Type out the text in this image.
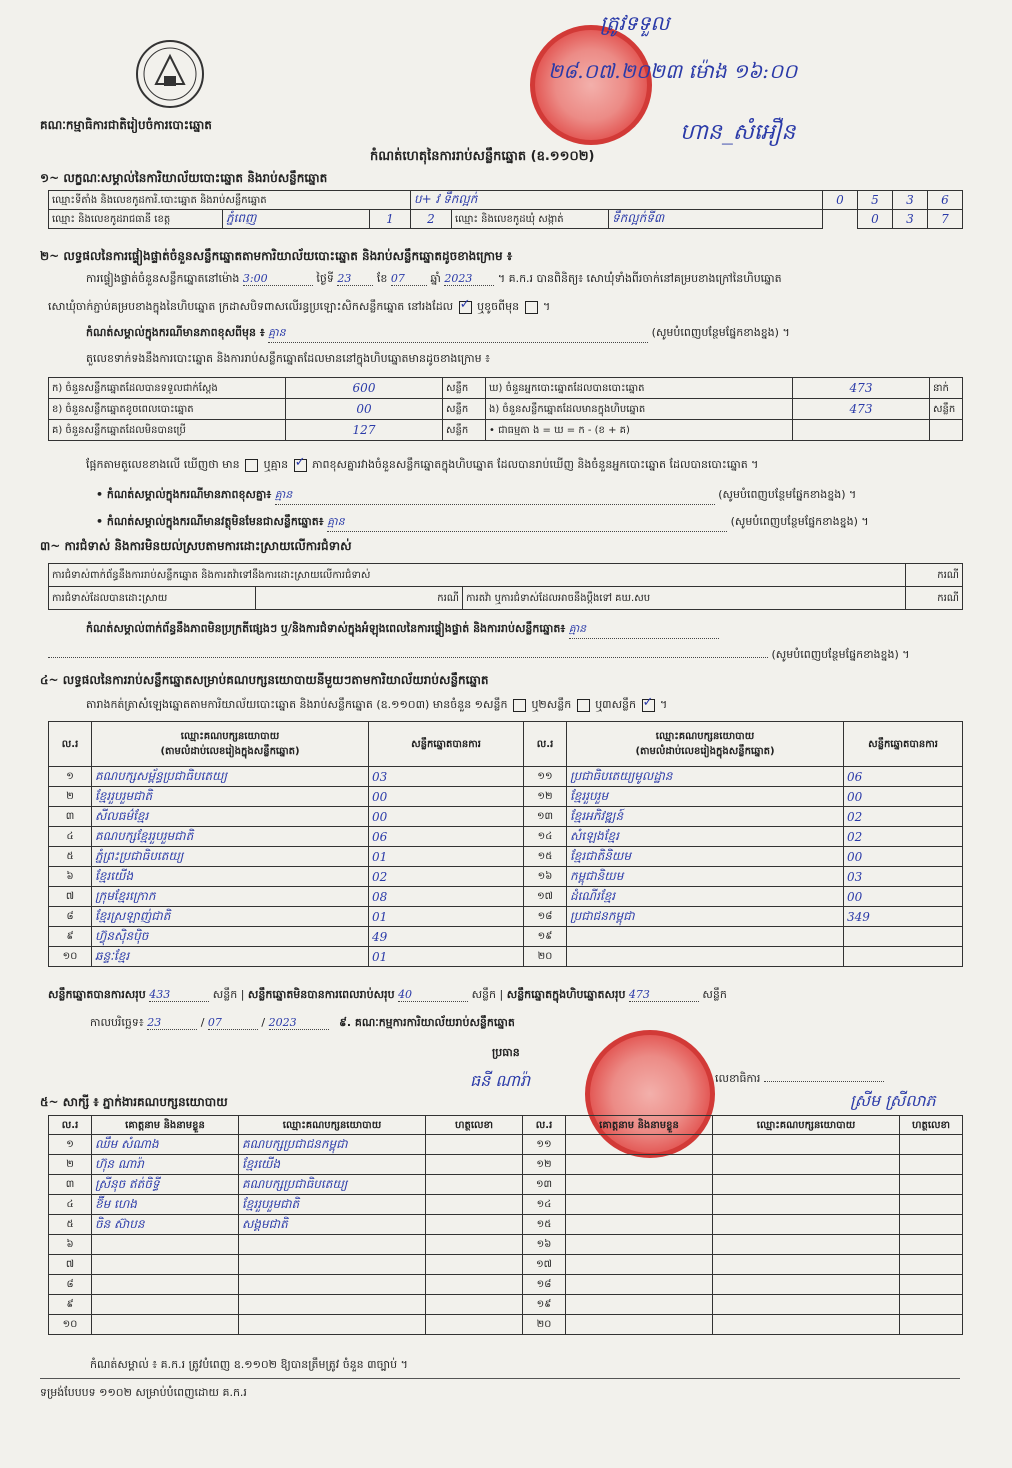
គណៈកម្មាធិការជាតិរៀបចំការបោះឆ្នោត
ត្រូវទទួល
២៨.០៧.២០២៣ ម៉ោង ១៦:០០
ហាន_សំអឿន
កំណត់ហេតុនៃការរាប់សន្លឹកឆ្នោត (ឧ.១១០២)
១~ លក្ខណៈសម្គាល់នៃការិយាល័យបោះឆ្នោត និងរាប់សន្លឹកឆ្នោត
ឈ្មោះទីតាំង និងលេខកូដការិ.បោះឆ្នោត និងរាប់សន្លឹកឆ្នោត			ប+ វ ទឹកល្អក់			0	5	3	6
ឈ្មោះ និងលេខកូដរាជធានី ខេត្ត	ភ្នំពេញ	1	2	ឈ្មោះ និងលេខកូដឃុំ សង្កាត់	ទឹកល្អក់ទី៣		0	3	7
២~ លទ្ធផលនៃការផ្ទៀងផ្ទាត់ចំនួនសន្លឹកឆ្នោតតាមការិយាល័យបោះឆ្នោត និងរាប់សន្លឹកឆ្នោតដូចខាងក្រោម ៖
ការផ្ទៀងផ្ទាត់ចំនួនសន្លឹកឆ្នោតនៅម៉ោង 3:00	ថ្ងៃទី 23 ខែ 07 ឆ្នាំ 2023 ។ គ.ក.រ បានពិនិត្យ៖ សោឃុំទាំងពីរចាក់នៅគម្របខាងក្រៅនៃហិបឆ្នោត
សោឃុំចាក់ភ្ជាប់គម្របខាងក្នុងនៃហិបឆ្នោត ក្រដាសបិទពាសលើរន្ធប្រឡោះសិកសន្លឹកឆ្នោត នៅរងដែល ✓ ឬខូចពីមុន  ។
កំណត់សម្គាល់ក្នុងករណីមានភាពខុសពីមុន ៖ គ្មាន	(សូមបំពេញបន្ថែមផ្នែកខាងខ្នង) ។
តួលេខទាក់ទងនឹងការបោះឆ្នោត និងការរាប់សន្លឹកឆ្នោតដែលមាននៅក្នុងហិបឆ្នោតមានដូចខាងក្រោម ៖
ក) ចំនួនសន្លឹកឆ្នោតដែលបានទទួលជាក់ស្តែង	600	សន្លឹក	ឃ) ចំនួនអ្នកបោះឆ្នោតដែលបានបោះឆ្នោត	473	នាក់
ខ) ចំនួនសន្លឹកឆ្នោតខូចពេលបោះឆ្នោត	00	សន្លឹក	ង) ចំនួនសន្លឹកឆ្នោតដែលមានក្នុងហិបឆ្នោត	473	សន្លឹក
គ) ចំនួនសន្លឹកឆ្នោតដែលមិនបានប្រើ	127	សន្លឹក	• ជាធម្មតា ង = ឃ = ក - (ខ + គ)		
ផ្អែកតាមតួលេខខាងលើ ឃើញថា មាន ឬគ្មាន ✓ ភាពខុសគ្នារវាងចំនួនសន្លឹកឆ្នោតក្នុងហិបឆ្នោត ដែលបានរាប់ឃើញ និងចំនួនអ្នកបោះឆ្នោត ដែលបានបោះឆ្នោត ។
• កំណត់សម្គាល់ក្នុងករណីមានភាពខុសគ្នា៖ គ្មាន	(សូមបំពេញបន្ថែមផ្នែកខាងខ្នង) ។
• កំណត់សម្គាល់ក្នុងករណីមានវត្ថុមិនមែនជាសន្លឹកឆ្នោត៖ គ្មាន	(សូមបំពេញបន្ថែមផ្នែកខាងខ្នង) ។
៣~ ការជំទាស់ និងការមិនយល់ស្របតាមការដោះស្រាយលើការជំទាស់
ការជំទាស់ពាក់ព័ន្ធនឹងការរាប់សន្លឹកឆ្នោត និងការតវ៉ាទៅនឹងការដោះស្រាយលើការជំទាស់			ករណី
ការជំទាស់ដែលបានដោះស្រាយ	ករណី	ការតវ៉ា ឬការជំទាស់ដែលអាចនឹងប្តឹងទៅ គឃ.សប	ករណី
កំណត់សម្គាល់ពាក់ព័ន្ធនឹងភាពមិនប្រក្រតីផ្សេងៗ ឬ/និងការជំទាស់ក្នុងអំឡុងពេលនៃការផ្ទៀងផ្ទាត់ និងការរាប់សន្លឹកឆ្នោត៖ គ្មាន
(សូមបំពេញបន្ថែមផ្នែកខាងខ្នង) ។
៤~ លទ្ធផលនៃការរាប់សន្លឹកឆ្នោតសម្រាប់គណបក្សនយោបាយនីមួយៗតាមការិយាល័យរាប់សន្លឹកឆ្នោត
តារាងកត់ត្រាសំឡេងឆ្នោតតាមការិយាល័យបោះឆ្នោត និងរាប់សន្លឹកឆ្នោត (ឧ.១១០៣) មានចំនួន ១សន្លឹក ឬ២សន្លឹក ឬ៣សន្លឹក ✓ ។
ល.រ	ឈ្មោះគណបក្សនយោបាយ
(តាមលំដាប់លេខរៀងក្នុងសន្លឹកឆ្នោត)	សន្លឹកឆ្នោតបានការ	ល.រ	ឈ្មោះគណបក្សនយោបាយ
(តាមលំដាប់លេខរៀងក្នុងសន្លឹកឆ្នោត)	សន្លឹកឆ្នោតបានការ
១	គណបក្សសម្ព័ន្ធប្រជាធិបតេយ្យ	03	១១	ប្រជាធិបតេយ្យមូលដ្ឋាន	06
២	ខ្មែររួបរួមជាតិ	00	១២	ខ្មែររួបរួម	00
៣	សីលធម៌ខ្មែរ	00	១៣	ខ្មែរអភិវឌ្ឍន៍	02
៤	គណបក្សខ្មែររួបរួមជាតិ	06	១៤	សំឡេងខ្មែរ	02
៥	ភ្នំព្រះប្រជាធិបតេយ្យ	01	១៥	ខ្មែរជាតិនិយម	00
៦	ខ្មែរយើង	02	១៦	កម្ពុជានិយម	03
៧	ក្រុមខ្មែរក្រោក	08	១៧	ដំណើរខ្មែរ	00
៨	ខ្មែរស្រឡាញ់ជាតិ	01	១៨	ប្រជាជនកម្ពុជា	349
៩	ហ៊្វុនស៊ិនប៉ិច	49	១៩		
១០	ឆន្ទៈខ្មែរ	01	២០		
សន្លឹកឆ្នោតបានការសរុប 433	សន្លឹក | សន្លឹកឆ្នោតមិនបានការពេលរាប់សរុប 40	សន្លឹក | សន្លឹកឆ្នោតក្នុងហិបឆ្នោតសរុប 473	សន្លឹក
កាលបរិច្ឆេទ៖ 23	/ 07	/ 2023	៩. គណៈកម្មការការិយាល័យរាប់សន្លឹកឆ្នោត
ប្រធាន
ធនី ណារ៉ា	លេខាធិការ
ស្រីម ស្រីលាភ
៥~ សាក្សី ៖ ភ្នាក់ងារគណបក្សនយោបាយ
ល.រ	គោត្តនាម និងនាមខ្លួន	ឈ្មោះគណបក្សនយោបាយ	ហត្ថលេខា	ល.រ	គោត្តនាម និងនាមខ្លួន	ឈ្មោះគណបក្សនយោបាយ	ហត្ថលេខា
១	ឈឹម សំណាង	គណបក្សប្រជាជនកម្ពុជា		១១			
២	ហ៊ុន ណារ៉ា	ខ្មែរយើង		១២			
៣	ស្រីនុច ឥត់ចិទ្ធី	គណបក្សប្រជាធិបតេយ្យ		១៣			
៤	ខ៊ីម ហេង	ខ្មែររួបរួមជាតិ		១៤			
៥	ចិន ស៊ាបន	សង្គមជាតិ		១៥			
៦				១៦			
៧				១៧			
៨				១៨			
៩				១៩			
១០				២០			
កំណត់សម្គាល់ ៖ គ.ក.រ ត្រូវបំពេញ ឧ.១១០២ ឱ្យបានត្រឹមត្រូវ ចំនួន ៣ច្បាប់ ។
ទម្រង់បែបបទ ១១០២ សម្រាប់បំពេញដោយ គ.ក.រ
